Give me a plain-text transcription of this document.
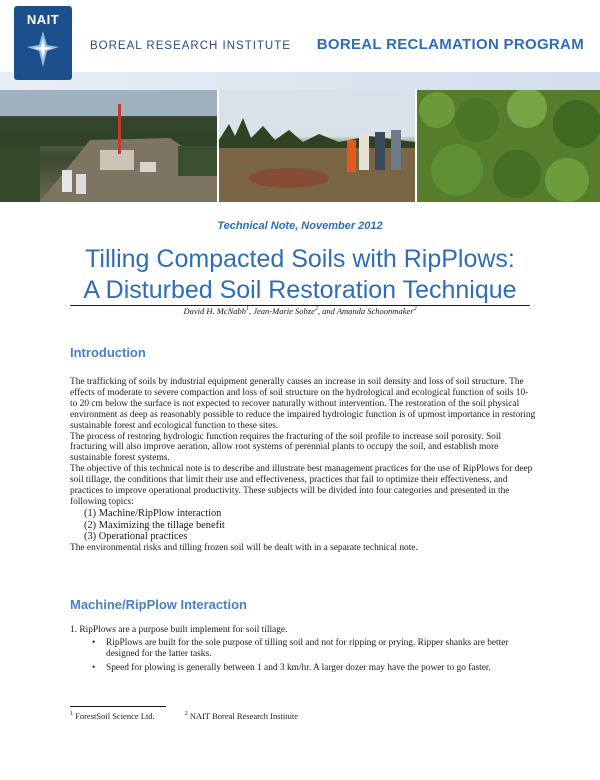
NAIT
BOREAL RESEARCH INSTITUTE BOREAL RECLAMATION PROGRAM
Technical Note, November 2012
Tilling Compacted Soils with RipPlows:
A Disturbed Soil Restoration Technique
David H. McNabb$^1$, Jean-Marie Sobze$^2$, and Amanda Schoonmaker$^2$
Introduction

The trafficking of soils by industrial equipment generally causes an increase in soil density and loss of soil structure. The effects of moderate to severe compaction and loss of soil structure on the hydrological and ecological function of soils 10- to 20 cm below the surface is not expected to recover naturally without intervention. The restoration of the soil physical environment as deep as reasonably possible to reduce the impaired hydrologic function is of upmost importance in restoring sustainable forest and ecological function to these sites.

The process of restoring hydrologic function requires the fracturing of the soil profile to increase soil porosity. Soil fracturing will also improve aeration, allow root systems of perennial plants to occupy the soil, and establish more sustainable forest systems.

The objective of this technical note is to describe and illustrate best management practices for the use of RipPlows for deep soil tillage, the conditions that limit their use and effectiveness, practices that fail to optimize their effectiveness, and practices to improve operational productivity. These subjects will be divided into four categories and presented in the following topics:

(1) Machine/RipPlow interaction
(2) Maximizing the tillage benefit
(3) Operational practices

The environmental risks and tilling frozen soil will be dealt with in a separate technical note.

Machine/RipPlow Interaction

1. RipPlows are a purpose built implement for soil tillage.

• RipPlows are built for the sole purpose of tilling soil and not for ripping or prying. Ripper shanks are better designed for the latter tasks.
• Speed for plowing is generally between 1 and 3 km/hr. A larger dozer may have the power to go faster.
$^1$ ForestSoil Science Ltd.	$^2$ NAIT Boreal Research Institute
